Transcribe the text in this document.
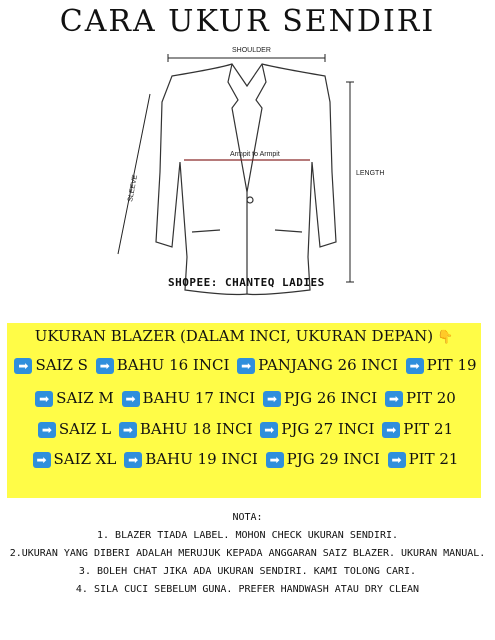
CARA UKUR SENDIRI
SHOULDER
LENGTH
SLEEVE
Armpit to Armpit
SHOPEE: CHANTEQ LADIES
UKURAN BLAZER (DALAM INCI, UKURAN DEPAN) 👇
➡ SAIZ S ➡ BAHU 16 INCI ➡ PANJANG 26 INCI ➡ PIT 19
➡ SAIZ M ➡ BAHU 17 INCI ➡ PJG 26 INCI ➡ PIT 20
➡ SAIZ L ➡ BAHU 18 INCI ➡ PJG 27 INCI ➡ PIT 21
➡ SAIZ XL ➡ BAHU 19 INCI ➡ PJG 29 INCI ➡ PIT 21
NOTA:
1. BLAZER TIADA LABEL. MOHON CHECK UKURAN SENDIRI.
2.UKURAN YANG DIBERI ADALAH MERUJUK KEPADA ANGGARAN SAIZ BLAZER. UKURAN MANUAL.
3. BOLEH CHAT JIKA ADA UKURAN SENDIRI. KAMI TOLONG CARI.
4. SILA CUCI SEBELUM GUNA. PREFER HANDWASH ATAU DRY CLEAN
